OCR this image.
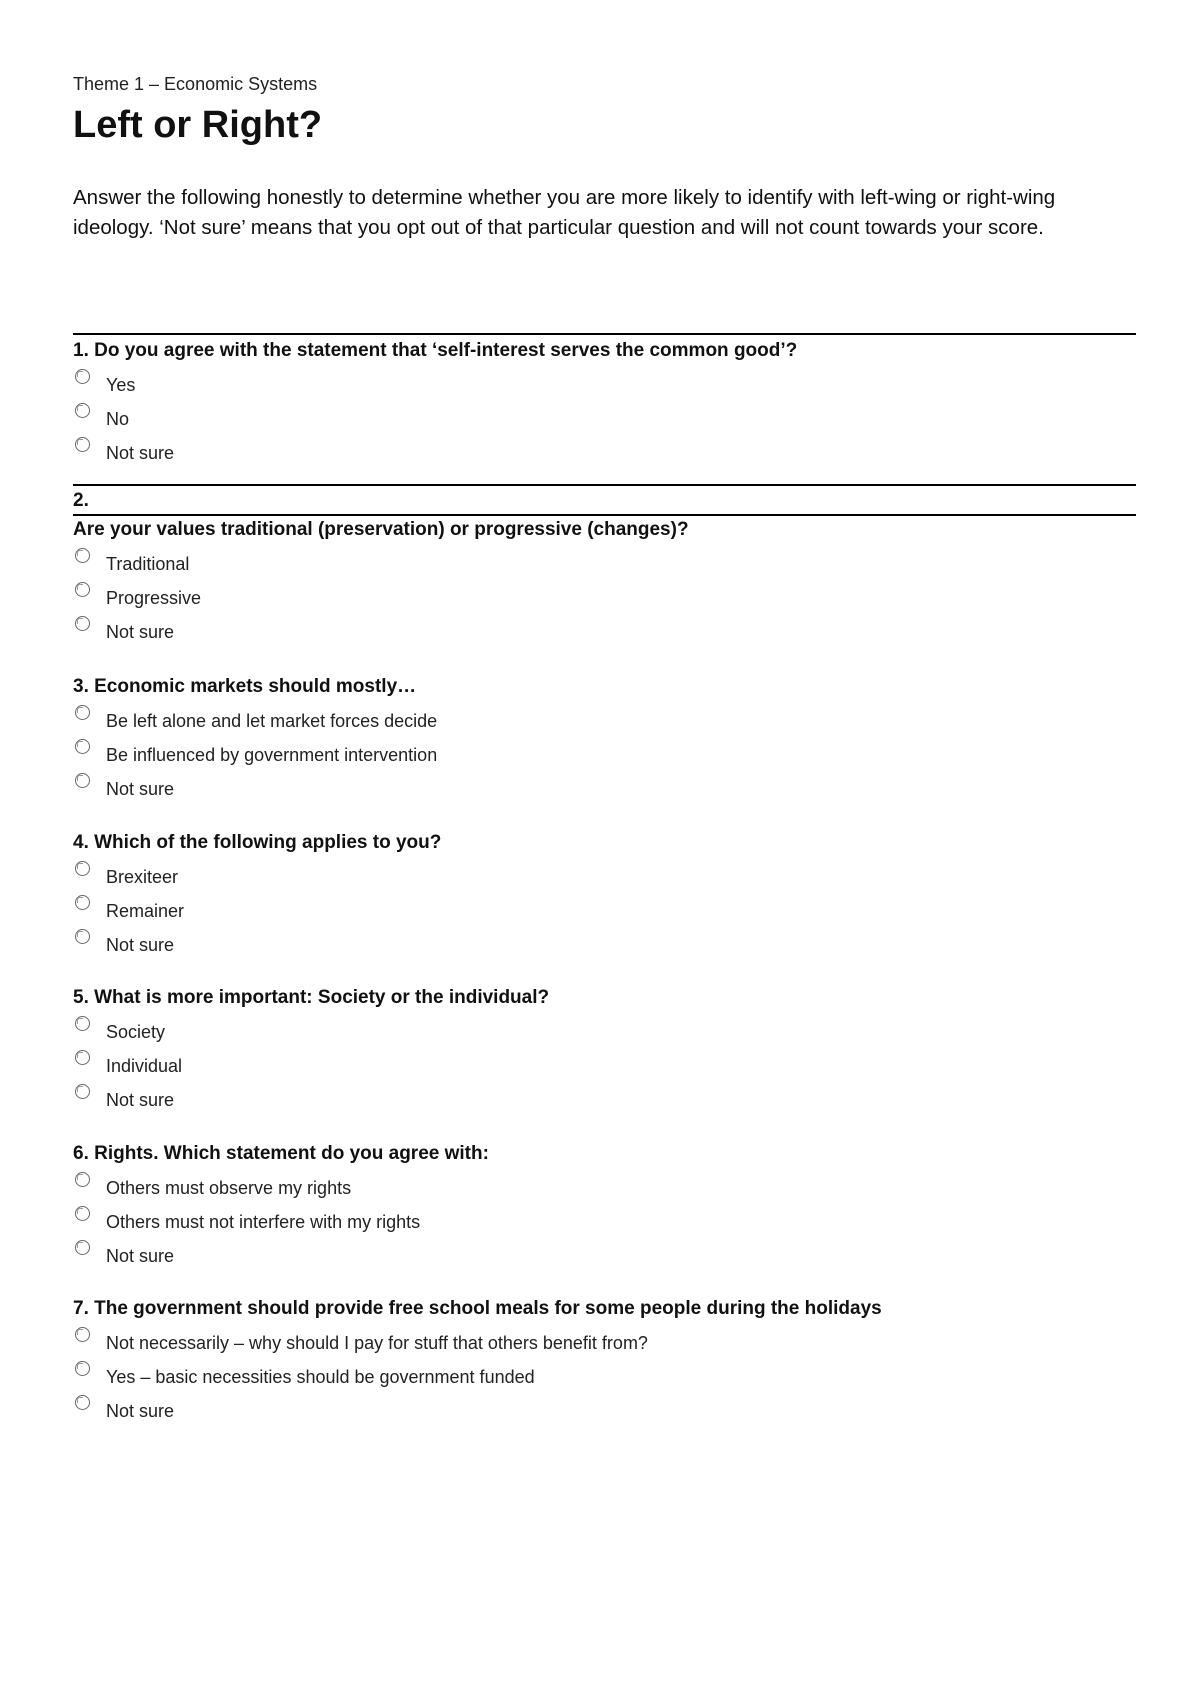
Theme 1 – Economic Systems
Left or Right?

Answer the following honestly to determine whether you are more likely to identify with left-wing or right-wing ideology. ‘Not sure’ means that you opt out of that particular question and will not count towards your score.

1. Do you agree with the statement that ‘self-interest serves the common good’?

Yes
No
Not sure

2.

Are your values traditional (preservation) or progressive (changes)?

Traditional
Progressive
Not sure

3. Economic markets should mostly…

Be left alone and let market forces decide
Be influenced by government intervention
Not sure

4. Which of the following applies to you?

Brexiteer
Remainer
Not sure

5. What is more important: Society or the individual?

Society
Individual
Not sure

6. Rights. Which statement do you agree with:

Others must observe my rights
Others must not interfere with my rights
Not sure

7. The government should provide free school meals for some people during the holidays

Not necessarily – why should I pay for stuff that others benefit from?
Yes – basic necessities should be government funded
Not sure
